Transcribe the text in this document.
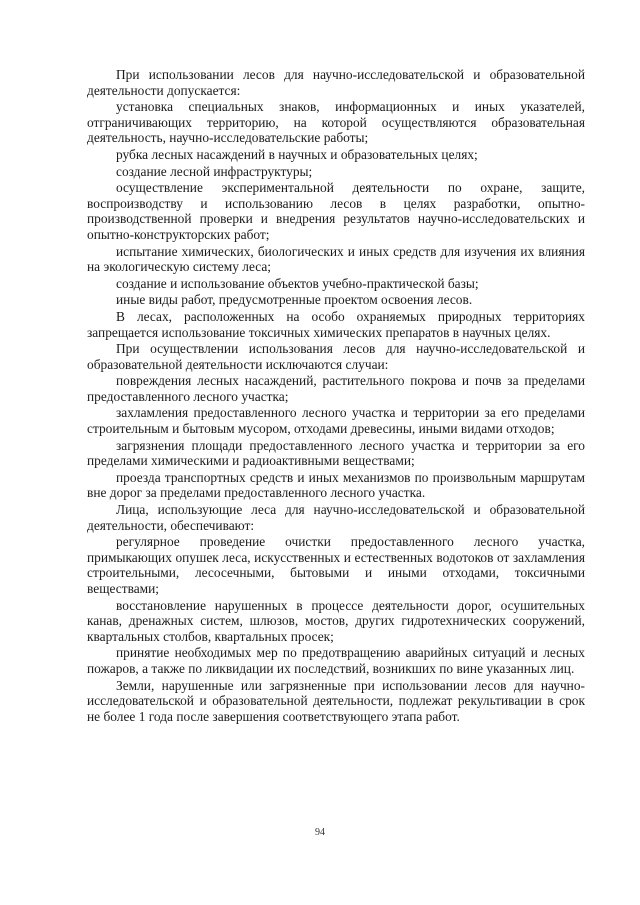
При использовании лесов для научно-исследовательской и образовательной деятельности допускается:

установка специальных знаков, информационных и иных указателей, отграничивающих территорию, на которой осуществляются образовательная деятельность, научно-исследовательские работы;

рубка лесных насаждений в научных и образовательных целях;

создание лесной инфраструктуры;

осуществление экспериментальной деятельности по охране, защите, воспроизводству и использованию лесов в целях разработки, опытно-производственной проверки и внедрения результатов научно-исследовательских и опытно-конструкторских работ;

испытание химических, биологических и иных средств для изучения их влияния на экологическую систему леса;

создание и использование объектов учебно-практической базы;

иные виды работ, предусмотренные проектом освоения лесов.

В лесах, расположенных на особо охраняемых природных территориях запрещается использование токсичных химических препаратов в научных целях.

При осуществлении использования лесов для научно-исследовательской и образовательной деятельности исключаются случаи:

повреждения лесных насаждений, растительного покрова и почв за пределами предоставленного лесного участка;

захламления предоставленного лесного участка и территории за его пределами строительным и бытовым мусором, отходами древесины, иными видами отходов;

загрязнения площади предоставленного лесного участка и территории за его пределами химическими и радиоактивными веществами;

проезда транспортных средств и иных механизмов по произвольным маршрутам вне дорог за пределами предоставленного лесного участка.

Лица, использующие леса для научно-исследовательской и образовательной деятельности, обеспечивают:

регулярное проведение очистки предоставленного лесного участка, примыкающих опушек леса, искусственных и естественных водотоков от захламления строительными, лесосечными, бытовыми и иными отходами, токсичными веществами;

восстановление нарушенных в процессе деятельности дорог, осушительных канав, дренажных систем, шлюзов, мостов, других гидротехнических сооружений, квартальных столбов, квартальных просек;

принятие необходимых мер по предотвращению аварийных ситуаций и лесных пожаров, а также по ликвидации их последствий, возникших по вине указанных лиц.

Земли, нарушенные или загрязненные при использовании лесов для научно-исследовательской и образовательной деятельности, подлежат рекультивации в срок не более 1 года после завершения соответствующего этапа работ.

94
